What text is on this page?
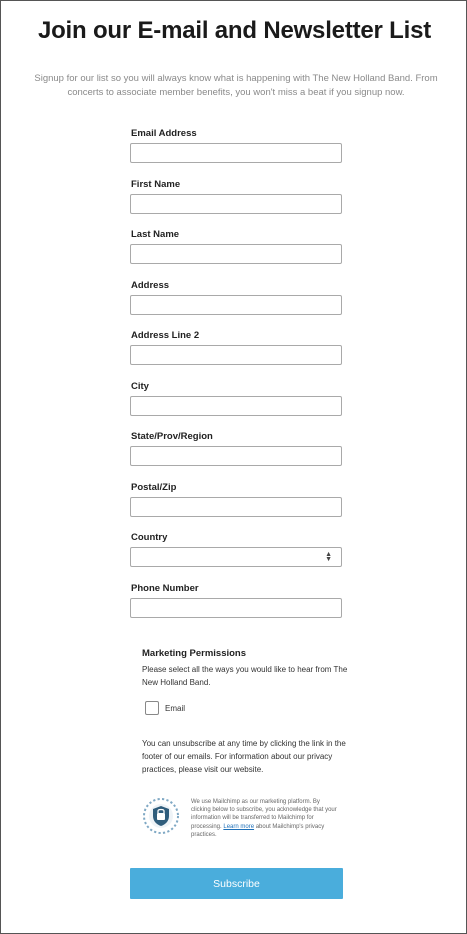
Join our E-mail and Newsletter List

Signup for our list so you will always know what is happening with The New Holland Band. From concerts to associate member benefits, you won't miss a beat if you signup now.

Email Address
First Name
Last Name
Address
Address Line 2
City
State/Prov/Region
Postal/Zip
Country
▲
▼
Phone Number
Marketing Permissions

Please select all the ways you would like to hear from The New Holland Band.

Email

You can unsubscribe at any time by clicking the link in the footer of our emails. For information about our privacy practices, please visit our website.

We use Mailchimp as our marketing platform. By clicking below to subscribe, you acknowledge that your information will be transferred to Mailchimp for processing. Learn more about Mailchimp's privacy practices.

Subscribe
